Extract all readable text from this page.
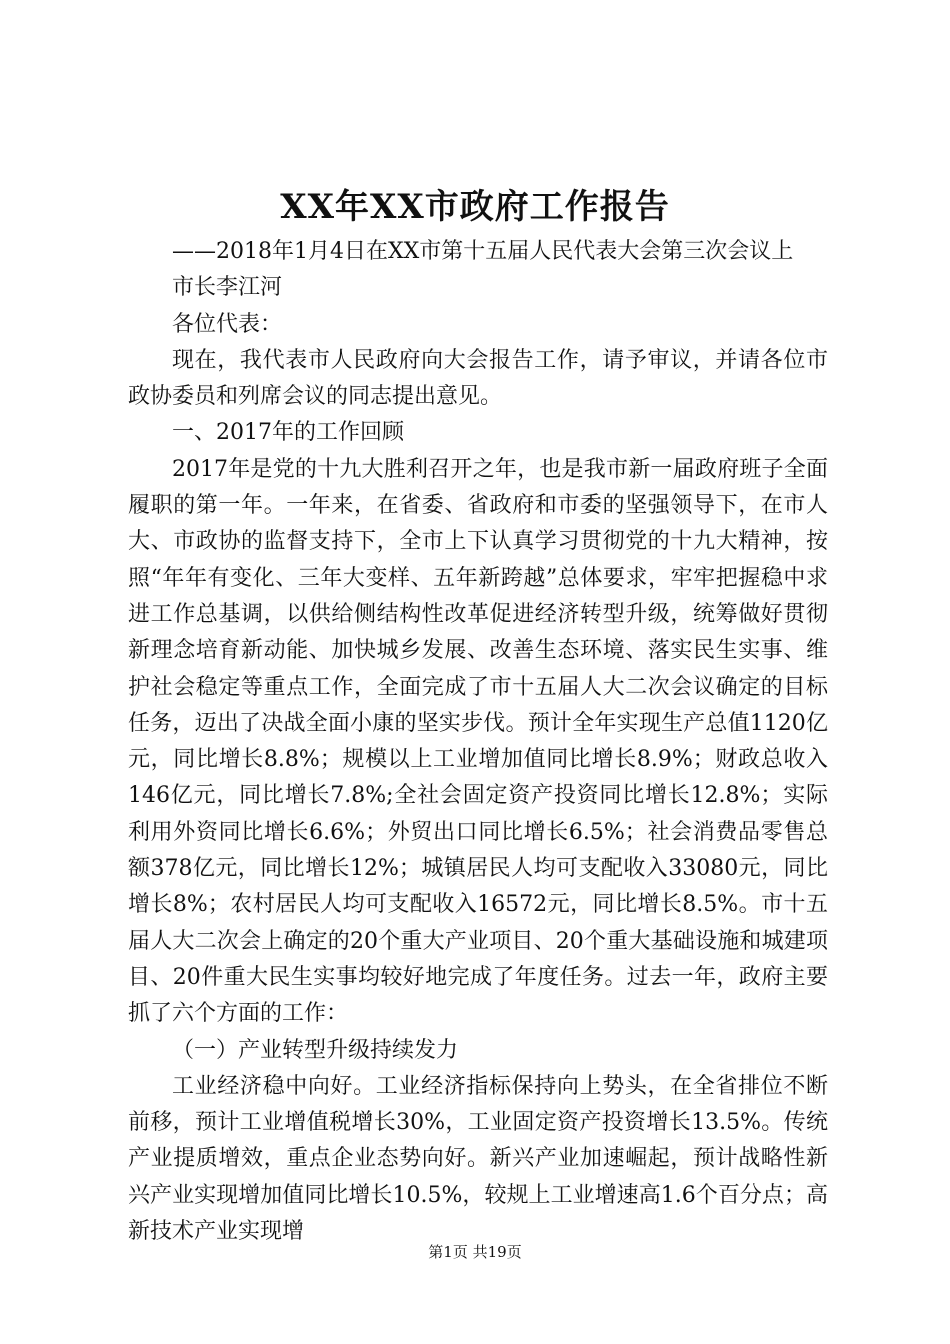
XX年XX市政府工作报告

——2018年1月4日在XX市第十五届人民代表大会第三次会议上

市长李江河

各位代表：

现在，我代表市人民政府向大会报告工作，请予审议，并请各位市政协委员和列席会议的同志提出意见。

一、2017年的工作回顾

2017年是党的十九大胜利召开之年，也是我市新一届政府班子全面履职的第一年。一年来，在省委、省政府和市委的坚强领导下，在市人大、市政协的监督支持下，全市上下认真学习贯彻党的十九大精神，按照“年年有变化、三年大变样、五年新跨越”总体要求，牢牢把握稳中求进工作总基调，以供给侧结构性改革促进经济转型升级，统筹做好贯彻新理念培育新动能、加快城乡发展、改善生态环境、落实民生实事、维护社会稳定等重点工作，全面完成了市十五届人大二次会议确定的目标任务，迈出了决战全面小康的坚实步伐。预计全年实现生产总值1120亿元，同比增长8.8%；规模以上工业增加值同比增长8.9%；财政总收入146亿元，同比增长7.8%;全社会固定资产投资同比增长12.8%；实际利用外资同比增长6.6%；外贸出口同比增长6.5%；社会消费品零售总额378亿元，同比增长12%；城镇居民人均可支配收入33080元，同比增长8%；农村居民人均可支配收入16572元，同比增长8.5%。市十五届人大二次会上确定的20个重大产业项目、20个重大基础设施和城建项目、20件重大民生实事均较好地完成了年度任务。过去一年，政府主要抓了六个方面的工作：

（一）产业转型升级持续发力

工业经济稳中向好。工业经济指标保持向上势头，在全省排位不断前移，预计工业增值税增长30%，工业固定资产投资增长13.5%。传统产业提质增效，重点企业态势向好。新兴产业加速崛起，预计战略性新兴产业实现增加值同比增长10.5%，较规上工业增速高1.6个百分点；高新技术产业实现增

第1页 共19页
